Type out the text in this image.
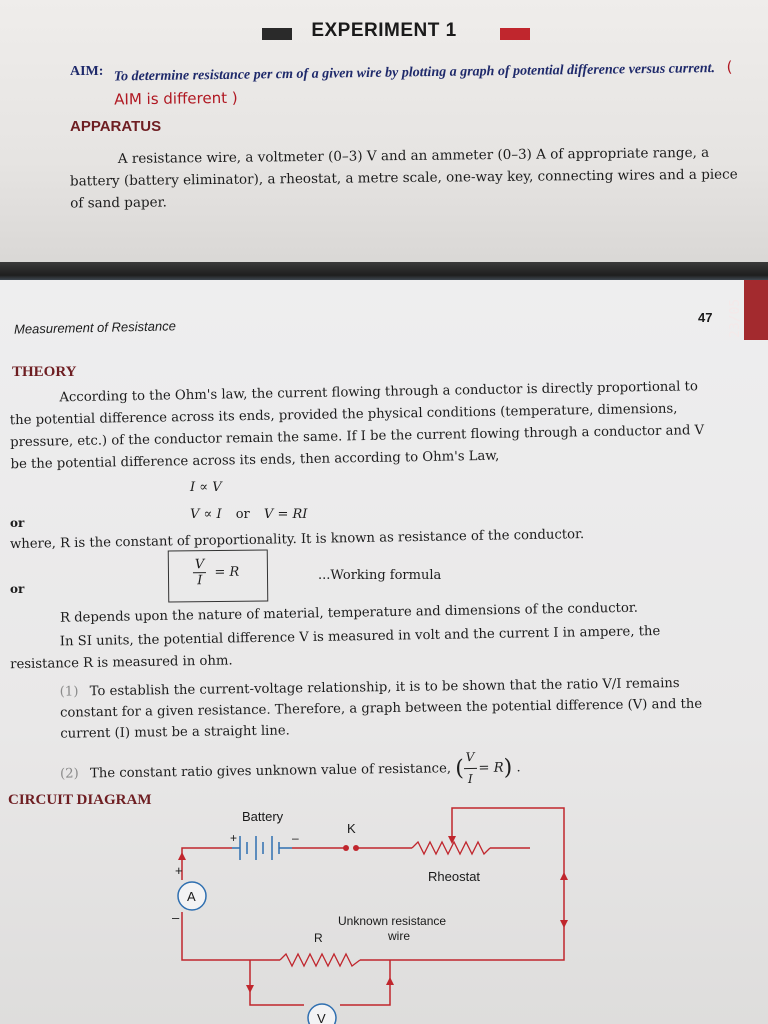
EXPERIMENT 1
AIM: To determine resistance per cm of a given wire by plotting a graph of potential difference versus current. ( AIM is different )
APPARATUS
A resistance wire, a voltmeter (0–3) V and an ammeter (0–3) A of appropriate range, a battery (battery eliminator), a rheostat, a metre scale, one-way key, connecting wires and a piece of sand paper.
23/05
47
Measurement of Resistance
THEORY
According to the Ohm's law, the current flowing through a conductor is directly proportional to the potential difference across its ends, provided the physical conditions (temperature, dimensions, pressure, etc.) of the conductor remain the same. If I be the current flowing through a conductor and V be the potential difference across its ends, then according to Ohm's Law,
I ∝ V
or
V ∝ I or V = RI
where, R is the constant of proportionality. It is known as resistance of the conductor.
$\frac{V}{I} = R$
or
...Working formula
R depends upon the nature of material, temperature and dimensions of the conductor.
In SI units, the potential difference V is measured in volt and the current I in ampere, the resistance R is measured in ohm.
(1) To establish the current-voltage relationship, it is to be shown that the ratio V/I remains constant for a given resistance. Therefore, a graph between the potential difference (V) and the current (I) must be a straight line.
(2) The constant ratio gives unknown value of resistance, ( $\frac{V}{I} = R$) .
CIRCUIT DIAGRAM
Battery
+	–
K
Rheostat
A
+
–	Unknown resistance
wire
R
V
